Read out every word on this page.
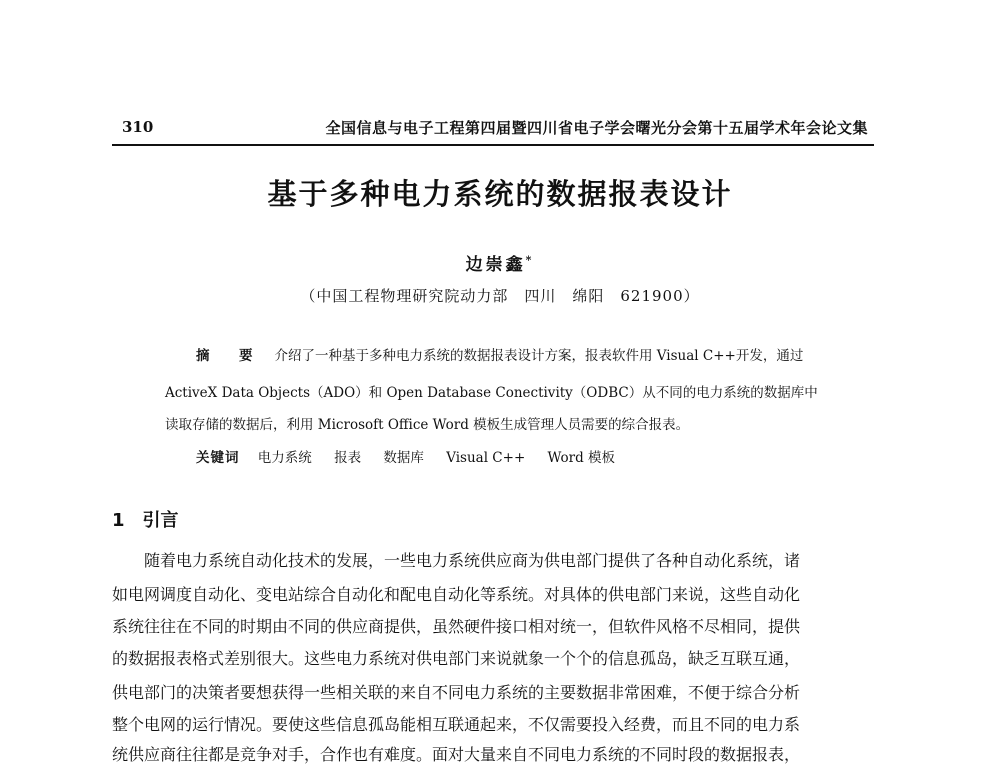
310	全国信息与电子工程第四届暨四川省电子学会曙光分会第十五届学术年会论文集
基于多种电力系统的数据报表设计
边崇鑫*
（中国工程物理研究院动力部　四川　绵阳　621900）
摘　要 介绍了一种基于多种电力系统的数据报表设计方案，报表软件用 Visual C++开发，通过
ActiveX Data Objects（ADO）和 Open Database Conectivity（ODBC）从不同的电力系统的数据库中
读取存储的数据后，利用 Microsoft Office Word 模板生成管理人员需要的综合报表。
关键词 电力系统 报表 数据库 Visual C++ Word 模板
1 引言
随着电力系统自动化技术的发展，一些电力系统供应商为供电部门提供了各种自动化系统，诸
如电网调度自动化、变电站综合自动化和配电自动化等系统。对具体的供电部门来说，这些自动化
系统往往在不同的时期由不同的供应商提供，虽然硬件接口相对统一，但软件风格不尽相同，提供
的数据报表格式差别很大。这些电力系统对供电部门来说就象一个个的信息孤岛，缺乏互联互通，
供电部门的决策者要想获得一些相关联的来自不同电力系统的主要数据非常困难，不便于综合分析
整个电网的运行情况。要使这些信息孤岛能相互联通起来，不仅需要投入经费，而且不同的电力系
统供应商往往都是竞争对手，合作也有难度。面对大量来自不同电力系统的不同时段的数据报表，
